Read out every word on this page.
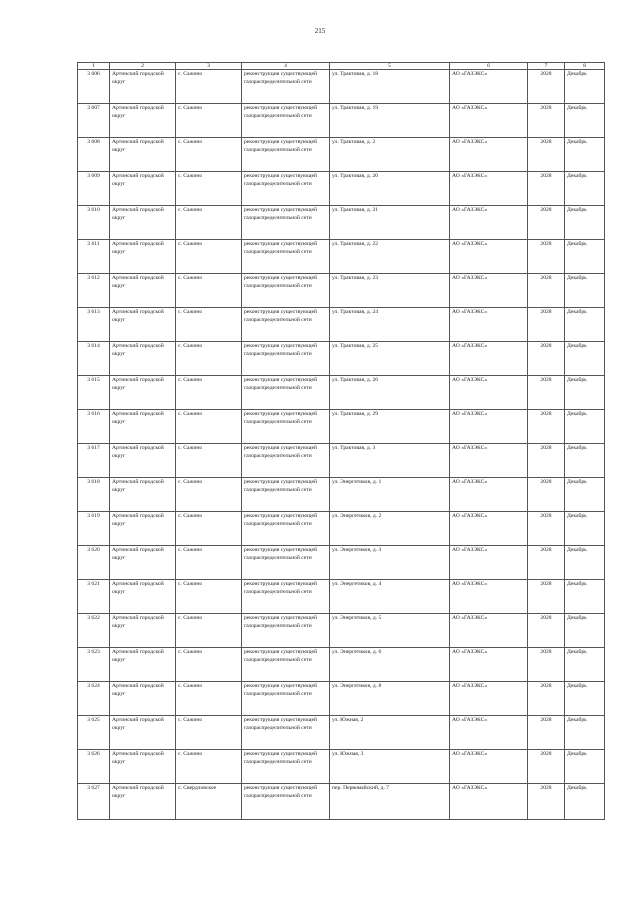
215
1	2	3	4	5	6	7	8
3 606	Артинский городской округ	с. Сажино	реконструкция существующей газораспределительной сети	ул. Трактовая, д. 18	АО «ГАЗЭКС»	2028	Декабрь
3 607	Артинский городской округ	с. Сажино	реконструкция существующей газораспределительной сети	ул. Трактовая, д. 19	АО «ГАЗЭКС»	2028	Декабрь
3 608	Артинский городской округ	с. Сажино	реконструкция существующей газораспределительной сети	ул. Трактовая, д. 2	АО «ГАЗЭКС»	2028	Декабрь
3 609	Артинский городской округ	с. Сажино	реконструкция существующей газораспределительной сети	ул. Трактовая, д. 20	АО «ГАЗЭКС»	2028	Декабрь
3 610	Артинский городской округ	с. Сажино	реконструкция существующей газораспределительной сети	ул. Трактовая, д. 21	АО «ГАЗЭКС»	2028	Декабрь
3 611	Артинский городской округ	с. Сажино	реконструкция существующей газораспределительной сети	ул. Трактовая, д. 22	АО «ГАЗЭКС»	2028	Декабрь
3 612	Артинский городской округ	с. Сажино	реконструкция существующей газораспределительной сети	ул. Трактовая, д. 23	АО «ГАЗЭКС»	2028	Декабрь
3 613	Артинский городской округ	с. Сажино	реконструкция существующей газораспределительной сети	ул. Трактовая, д. 24	АО «ГАЗЭКС»	2028	Декабрь
3 614	Артинский городской округ	с. Сажино	реконструкция существующей газораспределительной сети	ул. Трактовая, д. 25	АО «ГАЗЭКС»	2028	Декабрь
3 615	Артинский городской округ	с. Сажино	реконструкция существующей газораспределительной сети	ул. Трактовая, д. 26	АО «ГАЗЭКС»	2028	Декабрь
3 616	Артинский городской округ	с. Сажино	реконструкция существующей газораспределительной сети	ул. Трактовая, д. 29	АО «ГАЗЭКС»	2028	Декабрь
3 617	Артинский городской округ	с. Сажино	реконструкция существующей газораспределительной сети	ул. Трактовая, д. 3	АО «ГАЗЭКС»	2028	Декабрь
3 618	Артинский городской округ	с. Сажино	реконструкция существующей газораспределительной сети	ул. Энергетиков, д. 1	АО «ГАЗЭКС»	2028	Декабрь
3 619	Артинский городской округ	с. Сажино	реконструкция существующей газораспределительной сети	ул. Энергетиков, д. 2	АО «ГАЗЭКС»	2028	Декабрь
3 620	Артинский городской округ	с. Сажино	реконструкция существующей газораспределительной сети	ул. Энергетиков, д. 3	АО «ГАЗЭКС»	2028	Декабрь
3 621	Артинский городской округ	с. Сажино	реконструкция существующей газораспределительной сети	ул. Энергетиков, д. 4	АО «ГАЗЭКС»	2028	Декабрь
3 622	Артинский городской округ	с. Сажино	реконструкция существующей газораспределительной сети	ул. Энергетиков, д. 5	АО «ГАЗЭКС»	2028	Декабрь
3 623	Артинский городской округ	с. Сажино	реконструкция существующей газораспределительной сети	ул. Энергетиков, д. 6	АО «ГАЗЭКС»	2028	Декабрь
3 624	Артинский городской округ	с. Сажино	реконструкция существующей газораспределительной сети	ул. Энергетиков, д. 8	АО «ГАЗЭКС»	2028	Декабрь
3 625	Артинский городской округ	с. Сажино	реконструкция существующей газораспределительной сети	ул. Южная, 2	АО «ГАЗЭКС»	2028	Декабрь
3 626	Артинский городской округ	с. Сажино	реконструкция существующей газораспределительной сети	ул. Южная, 3	АО «ГАЗЭКС»	2028	Декабрь
3 627	Артинский городской округ	с. Свердловское	реконструкция существующей газораспределительной сети	пер. Первомайский, д. 7	АО «ГАЗЭКС»	2028	Декабрь
